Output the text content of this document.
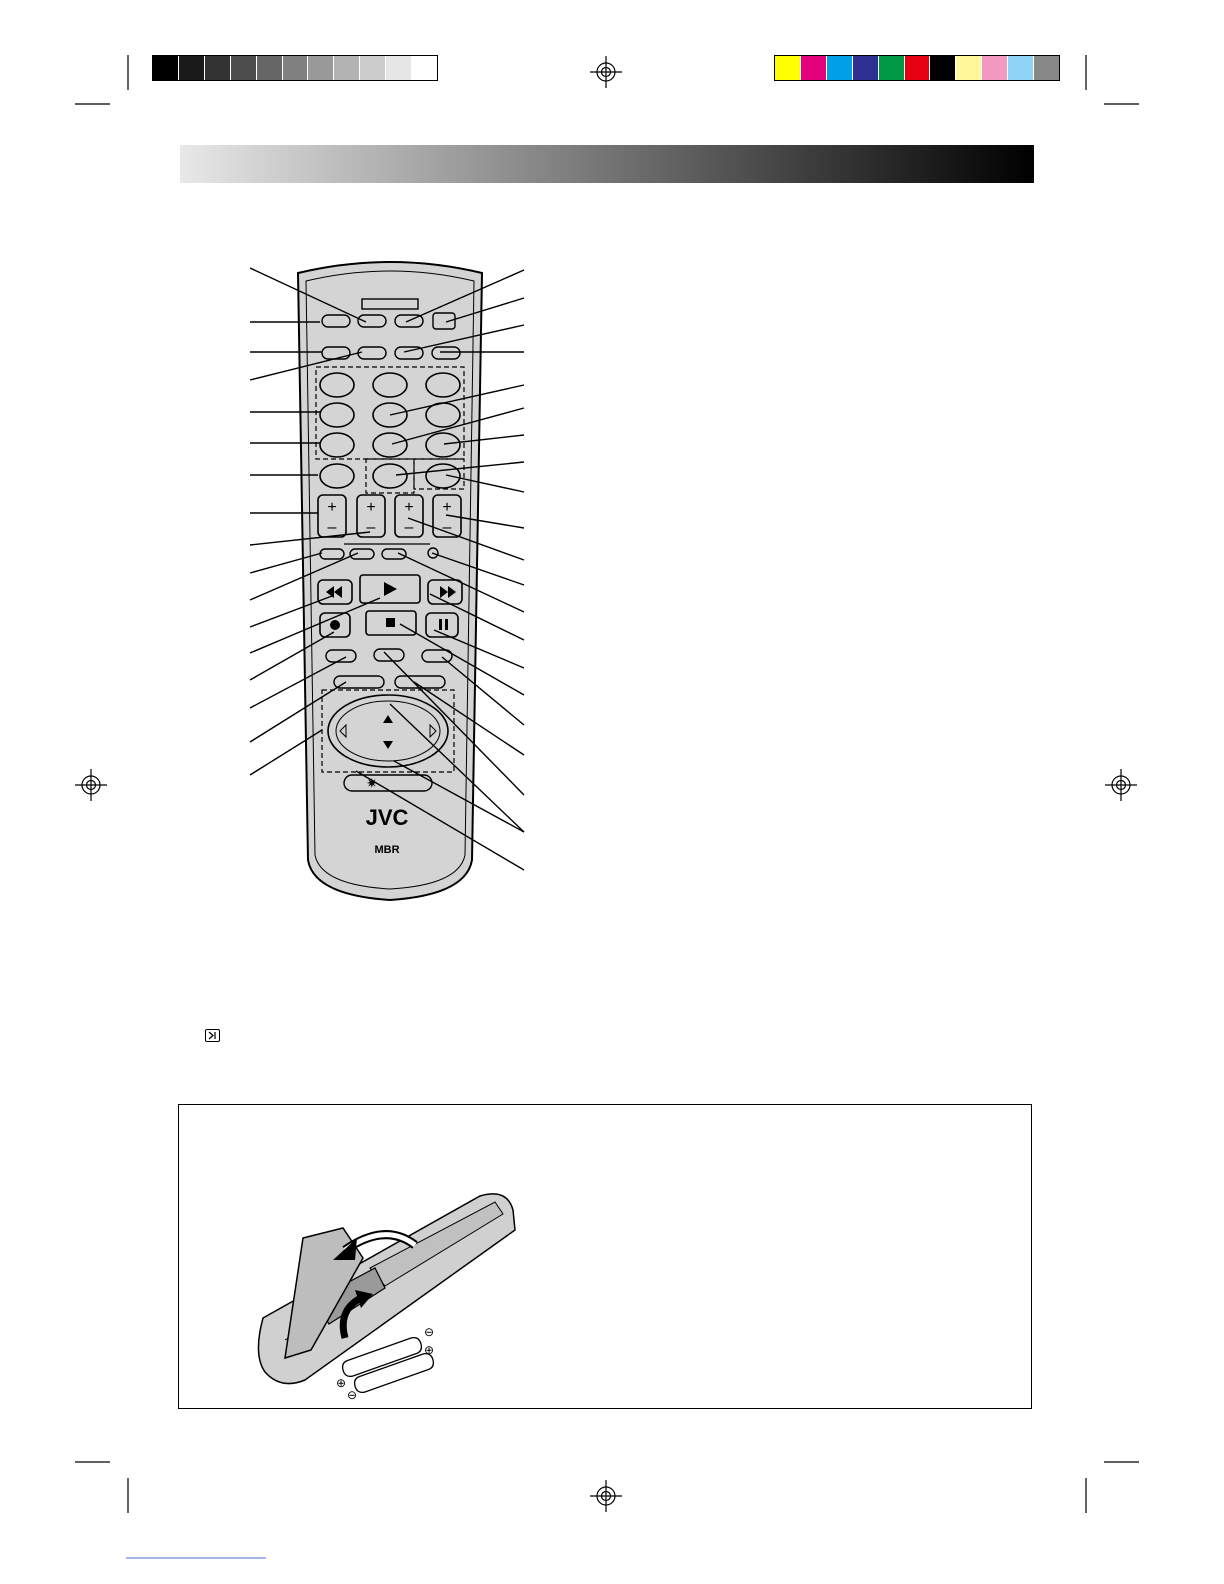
+
–
+
–
+
–
+
–
✷
JVC
MBR
⊖
⊕
⊕
⊖
